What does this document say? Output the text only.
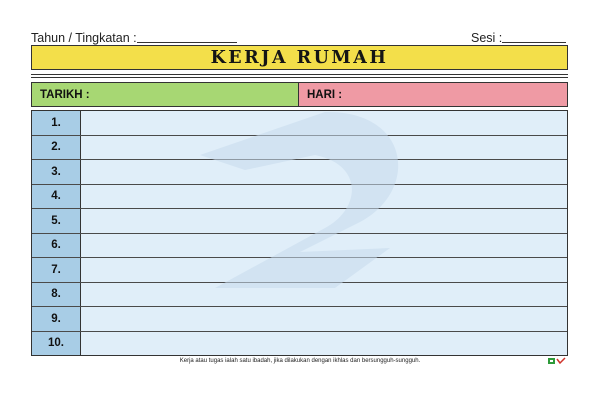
Tahun / Tingkatan :	Sesi :
KERJA RUMAH
TARIKH :	HARI :
1.
2.
3.
4.
5.
6.
7.
8.
9.
10.
Kerja atau tugas ialah satu ibadah, jika dilakukan dengan ikhlas dan bersungguh-sungguh.
